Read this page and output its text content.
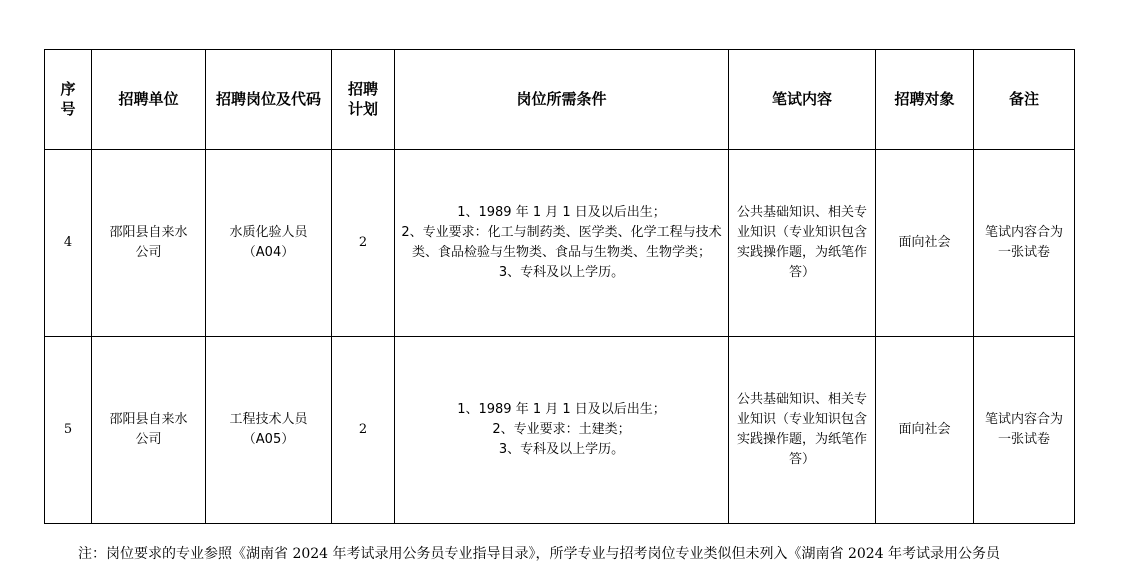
序号	招聘单位	招聘岗位及代码	招聘计划	岗位所需条件	笔试内容	招聘对象	备注
4	邵阳县自来水公司	水质化验人员（A04）	2	1、1989 年 1 月 1 日及以后出生；
2、专业要求：化工与制药类、医学类、化学工程与技术类、食品检验与生物类、食品与生物类、生物学类；
3、专科及以上学历。	公共基础知识、相关专业知识（专业知识包含实践操作题，为纸笔作答）	面向社会	笔试内容合为一张试卷
5	邵阳县自来水公司	工程技术人员（A05）	2	1、1989 年 1 月 1 日及以后出生；
2、专业要求：土建类；
3、专科及以上学历。	公共基础知识、相关专业知识（专业知识包含实践操作题，为纸笔作答）	面向社会	笔试内容合为一张试卷
注：岗位要求的专业参照《湖南省 2024 年考试录用公务员专业指导目录》，所学专业与招考岗位专业类似但未列入《湖南省 2024 年考试录用公务员
